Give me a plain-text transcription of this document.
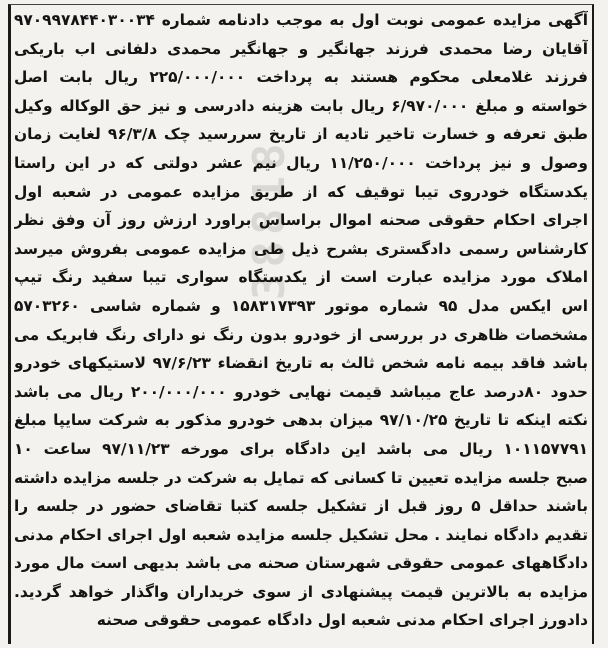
38818
آگهی مزایده عمومی نوبت اول به موجب دادنامه شماره ۹۷۰۹۹۷۸۴۴۰۳۰۰۳۴
آقایان رضا محمدی فرزند جهانگیر و جهانگیر محمدی دلفانی اب باریکی
فرزند غلامعلی محکوم هستند به پرداخت ۲۲۵/۰۰۰/۰۰۰ ریال بابت اصل
خواسته و مبلغ ۶/۹۷۰/۰۰۰ ریال بابت هزینه دادرسی و نیز حق الوکاله وکیل
طبق تعرفه و خسارت تاخیر تادیه از تاریخ سررسید چک ۹۶/۳/۸ لغایت زمان
وصول و نیز پرداخت ۱۱/۲۵۰/۰۰۰ ریال نیم عشر دولتی که در این راستا
یکدستگاه خودروی تیبا توقیف که از طریق مزایده عمومی در شعبه اول
اجرای احکام حقوقی صحنه اموال براساس براورد ارزش روز آن وفق نظر
کارشناس رسمی دادگستری بشرح ذیل طی مزایده عمومی بفروش میرسد
املاک مورد مزایده عبارت است از یکدستگاه سواری تیبا سفید رنگ تیپ
اس ایکس مدل ۹۵ شماره موتور ۱۵۸۳۱۷۳۹۳ و شماره شاسی ۵۷۰۳۲۶۰
مشخصات ظاهری در بررسی از خودرو بدون رنگ نو دارای رنگ فابریک می
باشد فاقد بیمه نامه شخص ثالث به تاریخ انقضاء ۹۷/۶/۲۳ لاستیکهای خودرو
حدود ۸۰درصد عاج میباشد قیمت نهایی خودرو ۲۰۰/۰۰۰/۰۰۰ ریال می باشد
نکته اینکه تا تاریخ ۹۷/۱۰/۲۵ میزان بدهی خودرو مذکور به شرکت سایپا مبلغ
۱۰۱۱۵۷۷۹۱ ریال می باشد این دادگاه برای مورخه ۹۷/۱۱/۲۳ ساعت ۱۰
صبح جلسه مزایده تعیین تا کسانی که تمایل به شرکت در جلسه مزایده داشته
باشند حداقل ۵ روز قبل از تشکیل جلسه کتبا تقاضای حضور در جلسه را
تقدیم دادگاه نمایند . محل تشکیل جلسه مزایده شعبه اول اجرای احکام مدنی
دادگاههای عمومی حقوقی شهرستان صحنه می باشد بدیهی است مال مورد
مزایده به بالاترین قیمت پیشنهادی از سوی خریداران واگذار خواهد گردید.
دادورز اجرای احکام مدنی شعبه اول دادگاه عمومی حقوقی صحنه
